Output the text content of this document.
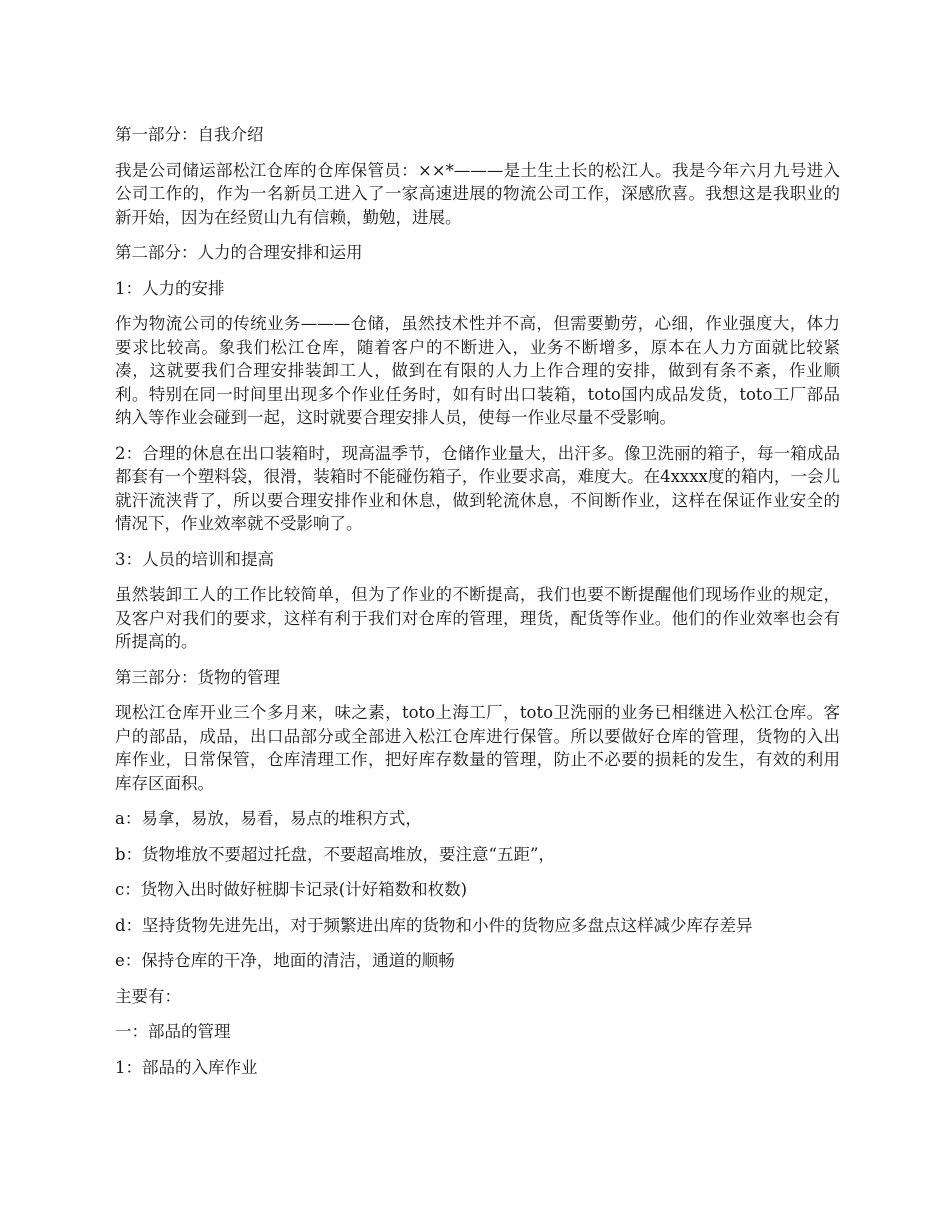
第一部分：自我介绍

我是公司储运部松江仓库的仓库保管员：××*———是土生土长的松江人。我是今年六月九号进入公司工作的，作为一名新员工进入了一家高速进展的物流公司工作，深感欣喜。我想这是我职业的新开始，因为在经贸山九有信赖，勤勉，进展。

第二部分：人力的合理安排和运用

1：人力的安排

作为物流公司的传统业务———仓储，虽然技术性并不高，但需要勤劳，心细，作业强度大，体力要求比较高。象我们松江仓库，随着客户的不断进入，业务不断增多，原本在人力方面就比较紧凑，这就要我们合理安排装卸工人，做到在有限的人力上作合理的安排，做到有条不紊，作业顺利。特别在同一时间里出现多个作业任务时，如有时出口装箱，toto国内成品发货，toto工厂部品纳入等作业会碰到一起，这时就要合理安排人员，使每一作业尽量不受影响。

2：合理的休息在出口装箱时，现高温季节，仓储作业量大，出汗多。像卫洗丽的箱子，每一箱成品都套有一个塑料袋，很滑，装箱时不能碰伤箱子，作业要求高，难度大。在4xxxx度的箱内，一会儿就汗流浃背了，所以要合理安排作业和休息，做到轮流休息，不间断作业，这样在保证作业安全的情况下，作业效率就不受影响了。

3：人员的培训和提高

虽然装卸工人的工作比较简单，但为了作业的不断提高，我们也要不断提醒他们现场作业的规定，及客户对我们的要求，这样有利于我们对仓库的管理，理货，配货等作业。他们的作业效率也会有所提高的。

第三部分：货物的管理

现松江仓库开业三个多月来，味之素，toto上海工厂，toto卫洗丽的业务已相继进入松江仓库。客户的部品，成品，出口品部分或全部进入松江仓库进行保管。所以要做好仓库的管理，货物的入出库作业，日常保管，仓库清理工作，把好库存数量的管理，防止不必要的损耗的发生，有效的利用库存区面积。

a：易拿，易放，易看，易点的堆积方式，

b：货物堆放不要超过托盘，不要超高堆放，要注意“五距”，

c：货物入出时做好桩脚卡记录(计好箱数和枚数)

d：坚持货物先进先出，对于频繁进出库的货物和小件的货物应多盘点这样减少库存差异

e：保持仓库的干净，地面的清洁，通道的顺畅

主要有：

一：部品的管理

1：部品的入库作业
